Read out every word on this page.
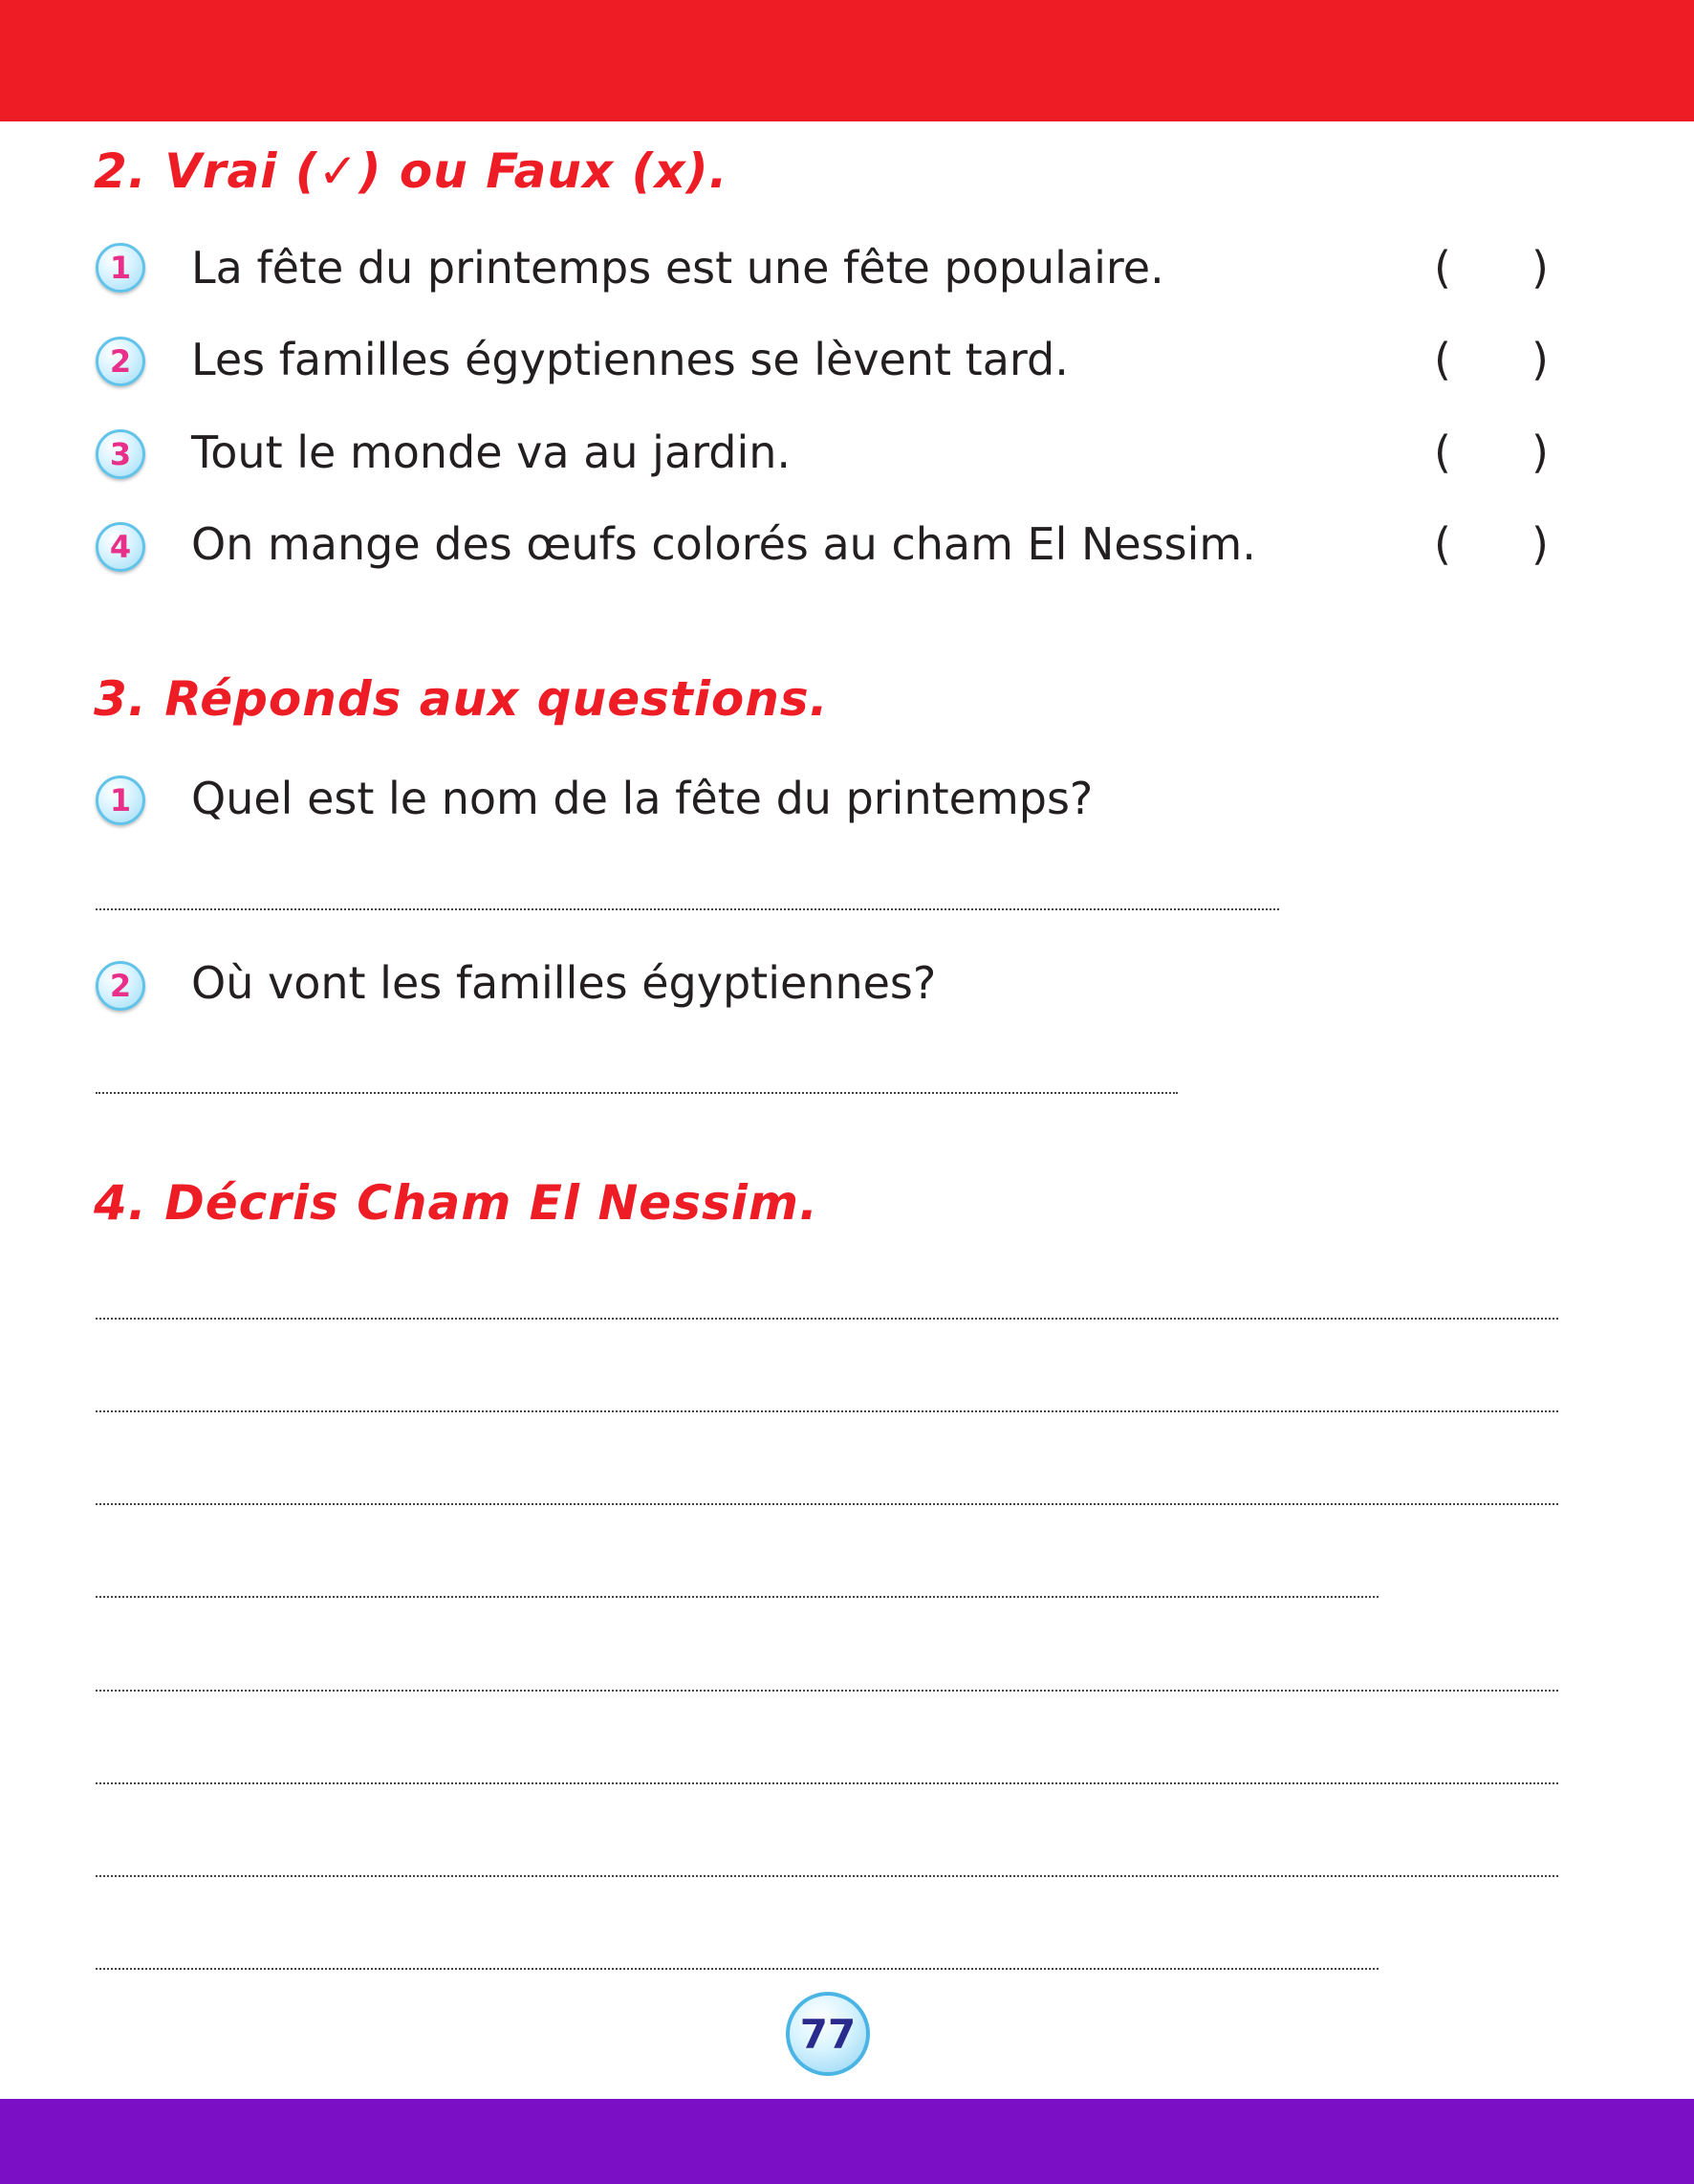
2. Vrai (✓) ou Faux (x).
1	La fête du printemps est une fête populaire.	( )
2	Les familles égyptiennes se lèvent tard.	( )
3	Tout le monde va au jardin.	( )
4	On mange des œufs colorés au cham El Nessim.	( )
3. Réponds aux questions.
1	Quel est le nom de la fête du printemps?
2	Où vont les familles égyptiennes?
4. Décris Cham El Nessim.
77
